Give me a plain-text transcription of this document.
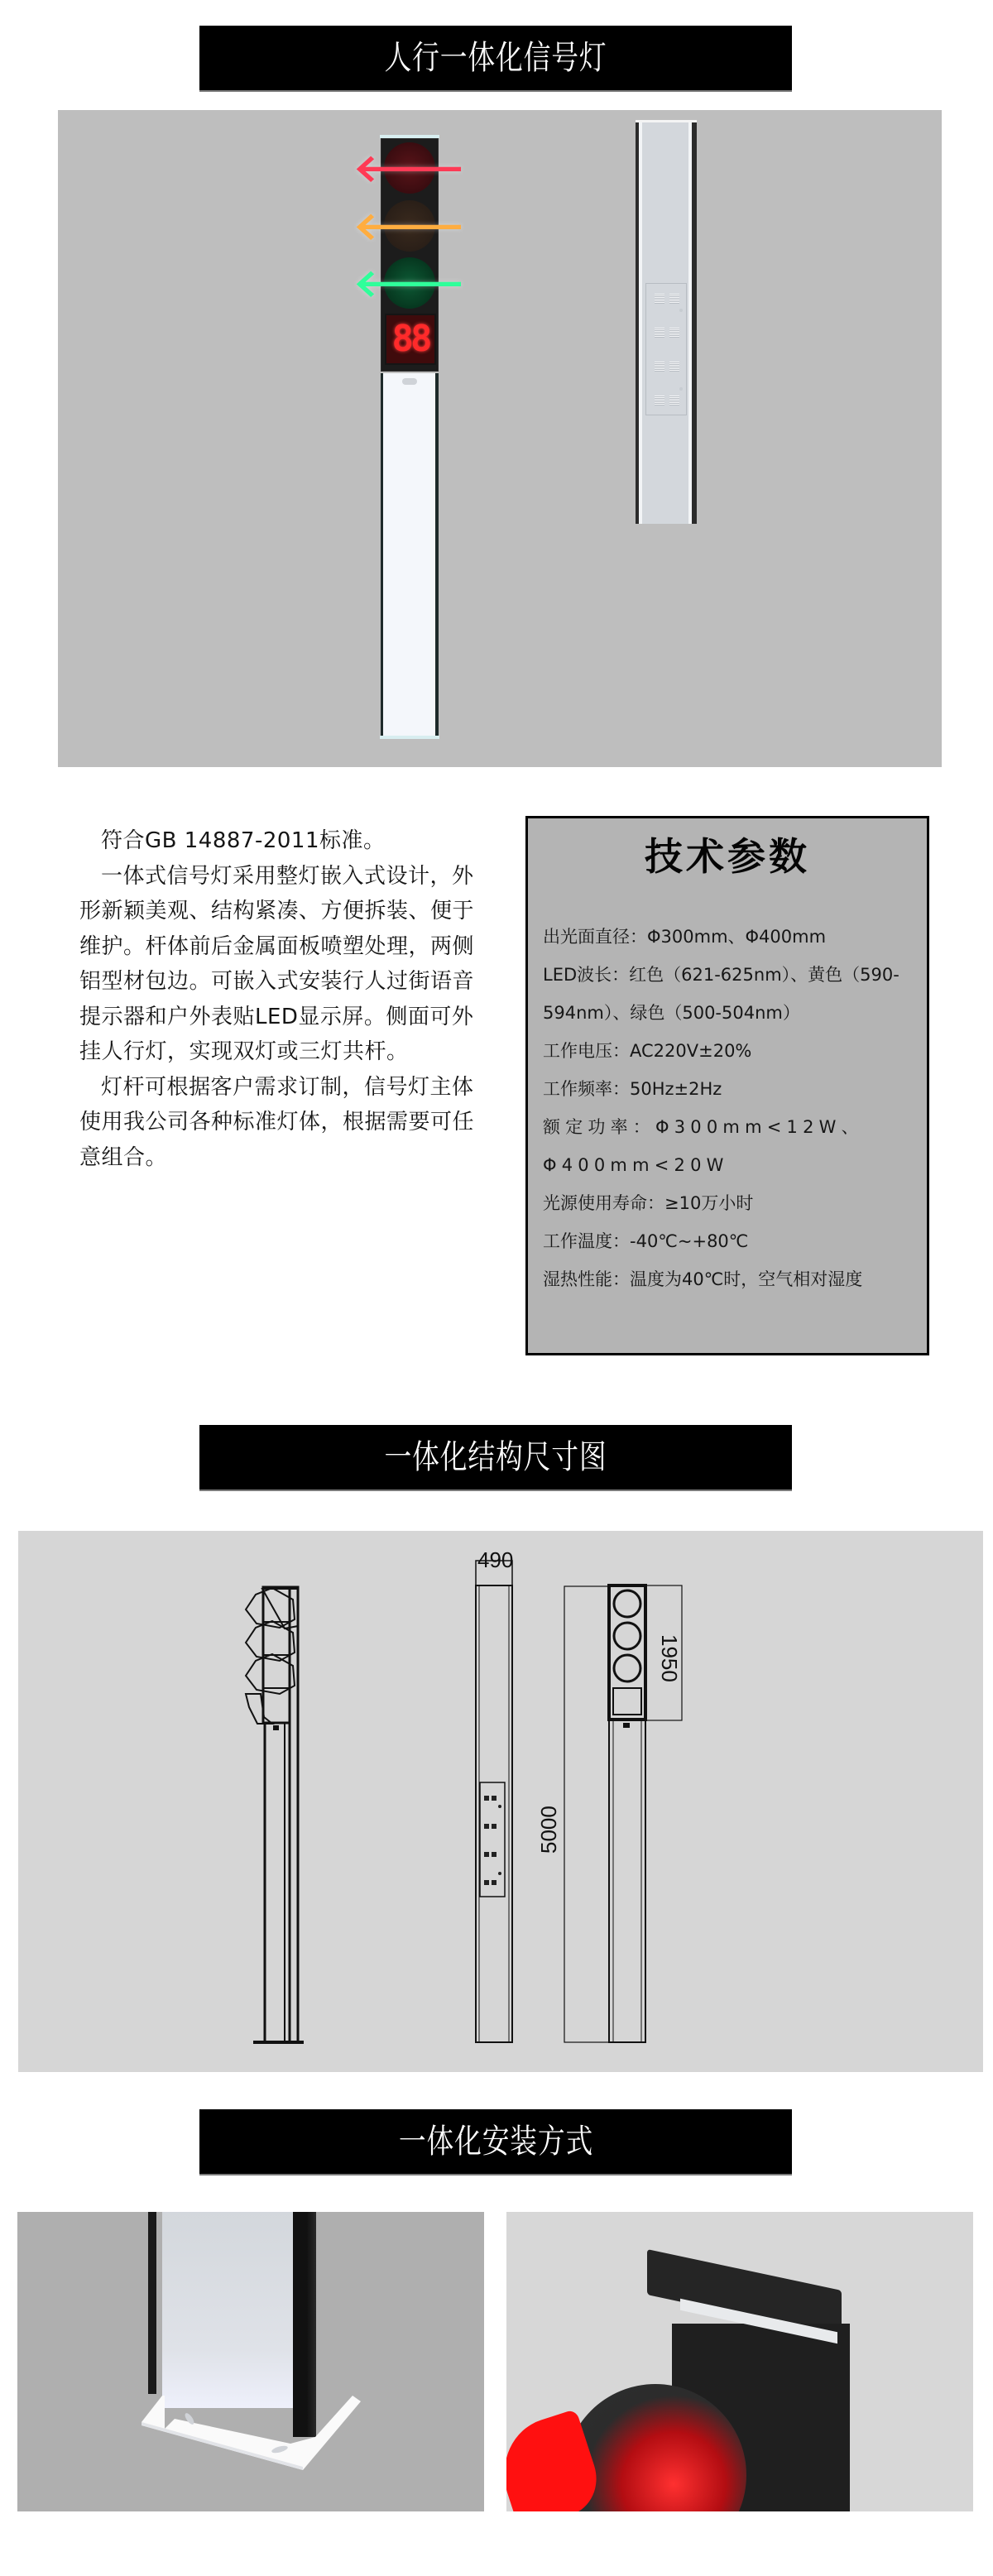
人行一体化信号灯
🡐
🡐
🡐
88

符合GB 14887-2011标准。

一体式信号灯采用整灯嵌入式设计，外形新颖美观、结构紧凑、方便拆装、便于维护。杆体前后金属面板喷塑处理，两侧铝型材包边。可嵌入式安装行人过街语音提示器和户外表贴LED显示屏。侧面可外挂人行灯，实现双灯或三灯共杆。

灯杆可根据客户需求订制，信号灯主体使用我公司各种标准灯体，根据需要可任意组合。

技术参数
出光面直径：Φ300mm、Φ400mm
LED波长：红色（621-625nm）、黄色（590-594nm）、绿色（500-504nm）
工作电压：AC220V±20%
工作频率：50Hz±2Hz
额定功率：Φ300mm<12W、Φ400mm<20W
光源使用寿命：≥10万小时
工作温度：-40℃~+80℃
湿热性能：温度为40℃时，空气相对湿度
一体化结构尺寸图
490
1950
5000
一体化安装方式
